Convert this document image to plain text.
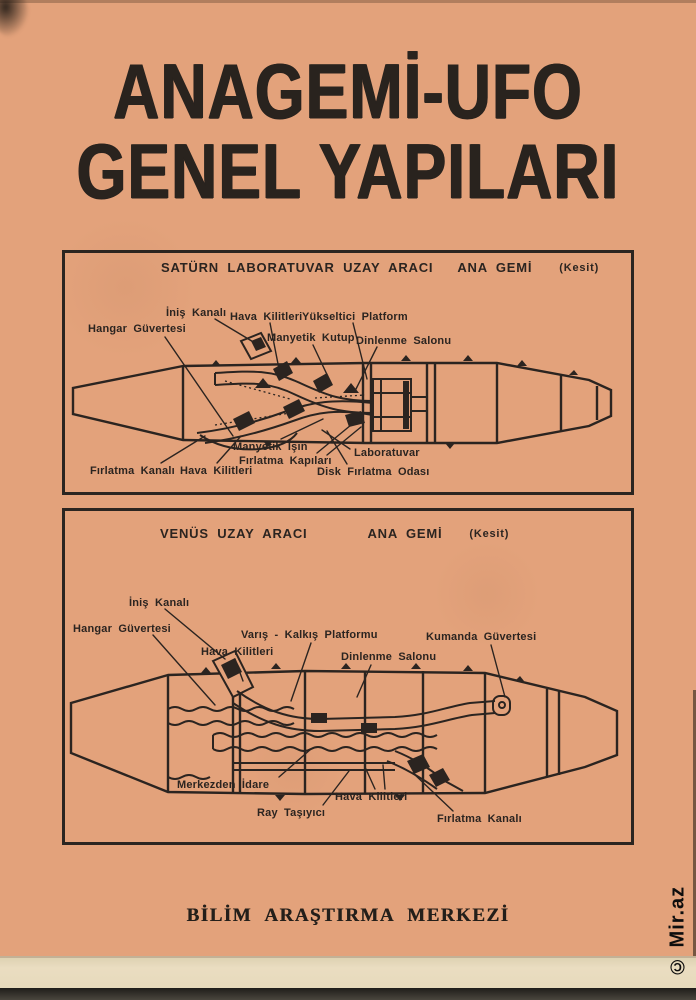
ANAGEMİ-UFO
GENEL YAPILARI
SATÜRN LABORATUVAR UZAY ARACI ANA GEMİ (Kesit)
Hangar Güvertesi
İniş Kanalı Hava Kilitleri Yükseltici Platform
Manyetik Kutup Dinlenme Salonu
Manyetik Işın
Fırlatma Kapıları
Laboratuvar
Fırlatma Kanalı Hava Kilitleri	Disk Fırlatma Odası
VENÜS UZAY ARACI	ANA GEMİ (Kesit)
İniş Kanalı
Hangar Güvertesi	Varış - Kalkış Platformu	Kumanda Güvertesi
Hava Kilitleri	Dinlenme Salonu
Merkezden İdare
Hava Kilitleri
Ray Taşıyıcı	Fırlatma Kanalı
BİLİM ARAŞTIRMA MERKEZİ	© Mir.az
